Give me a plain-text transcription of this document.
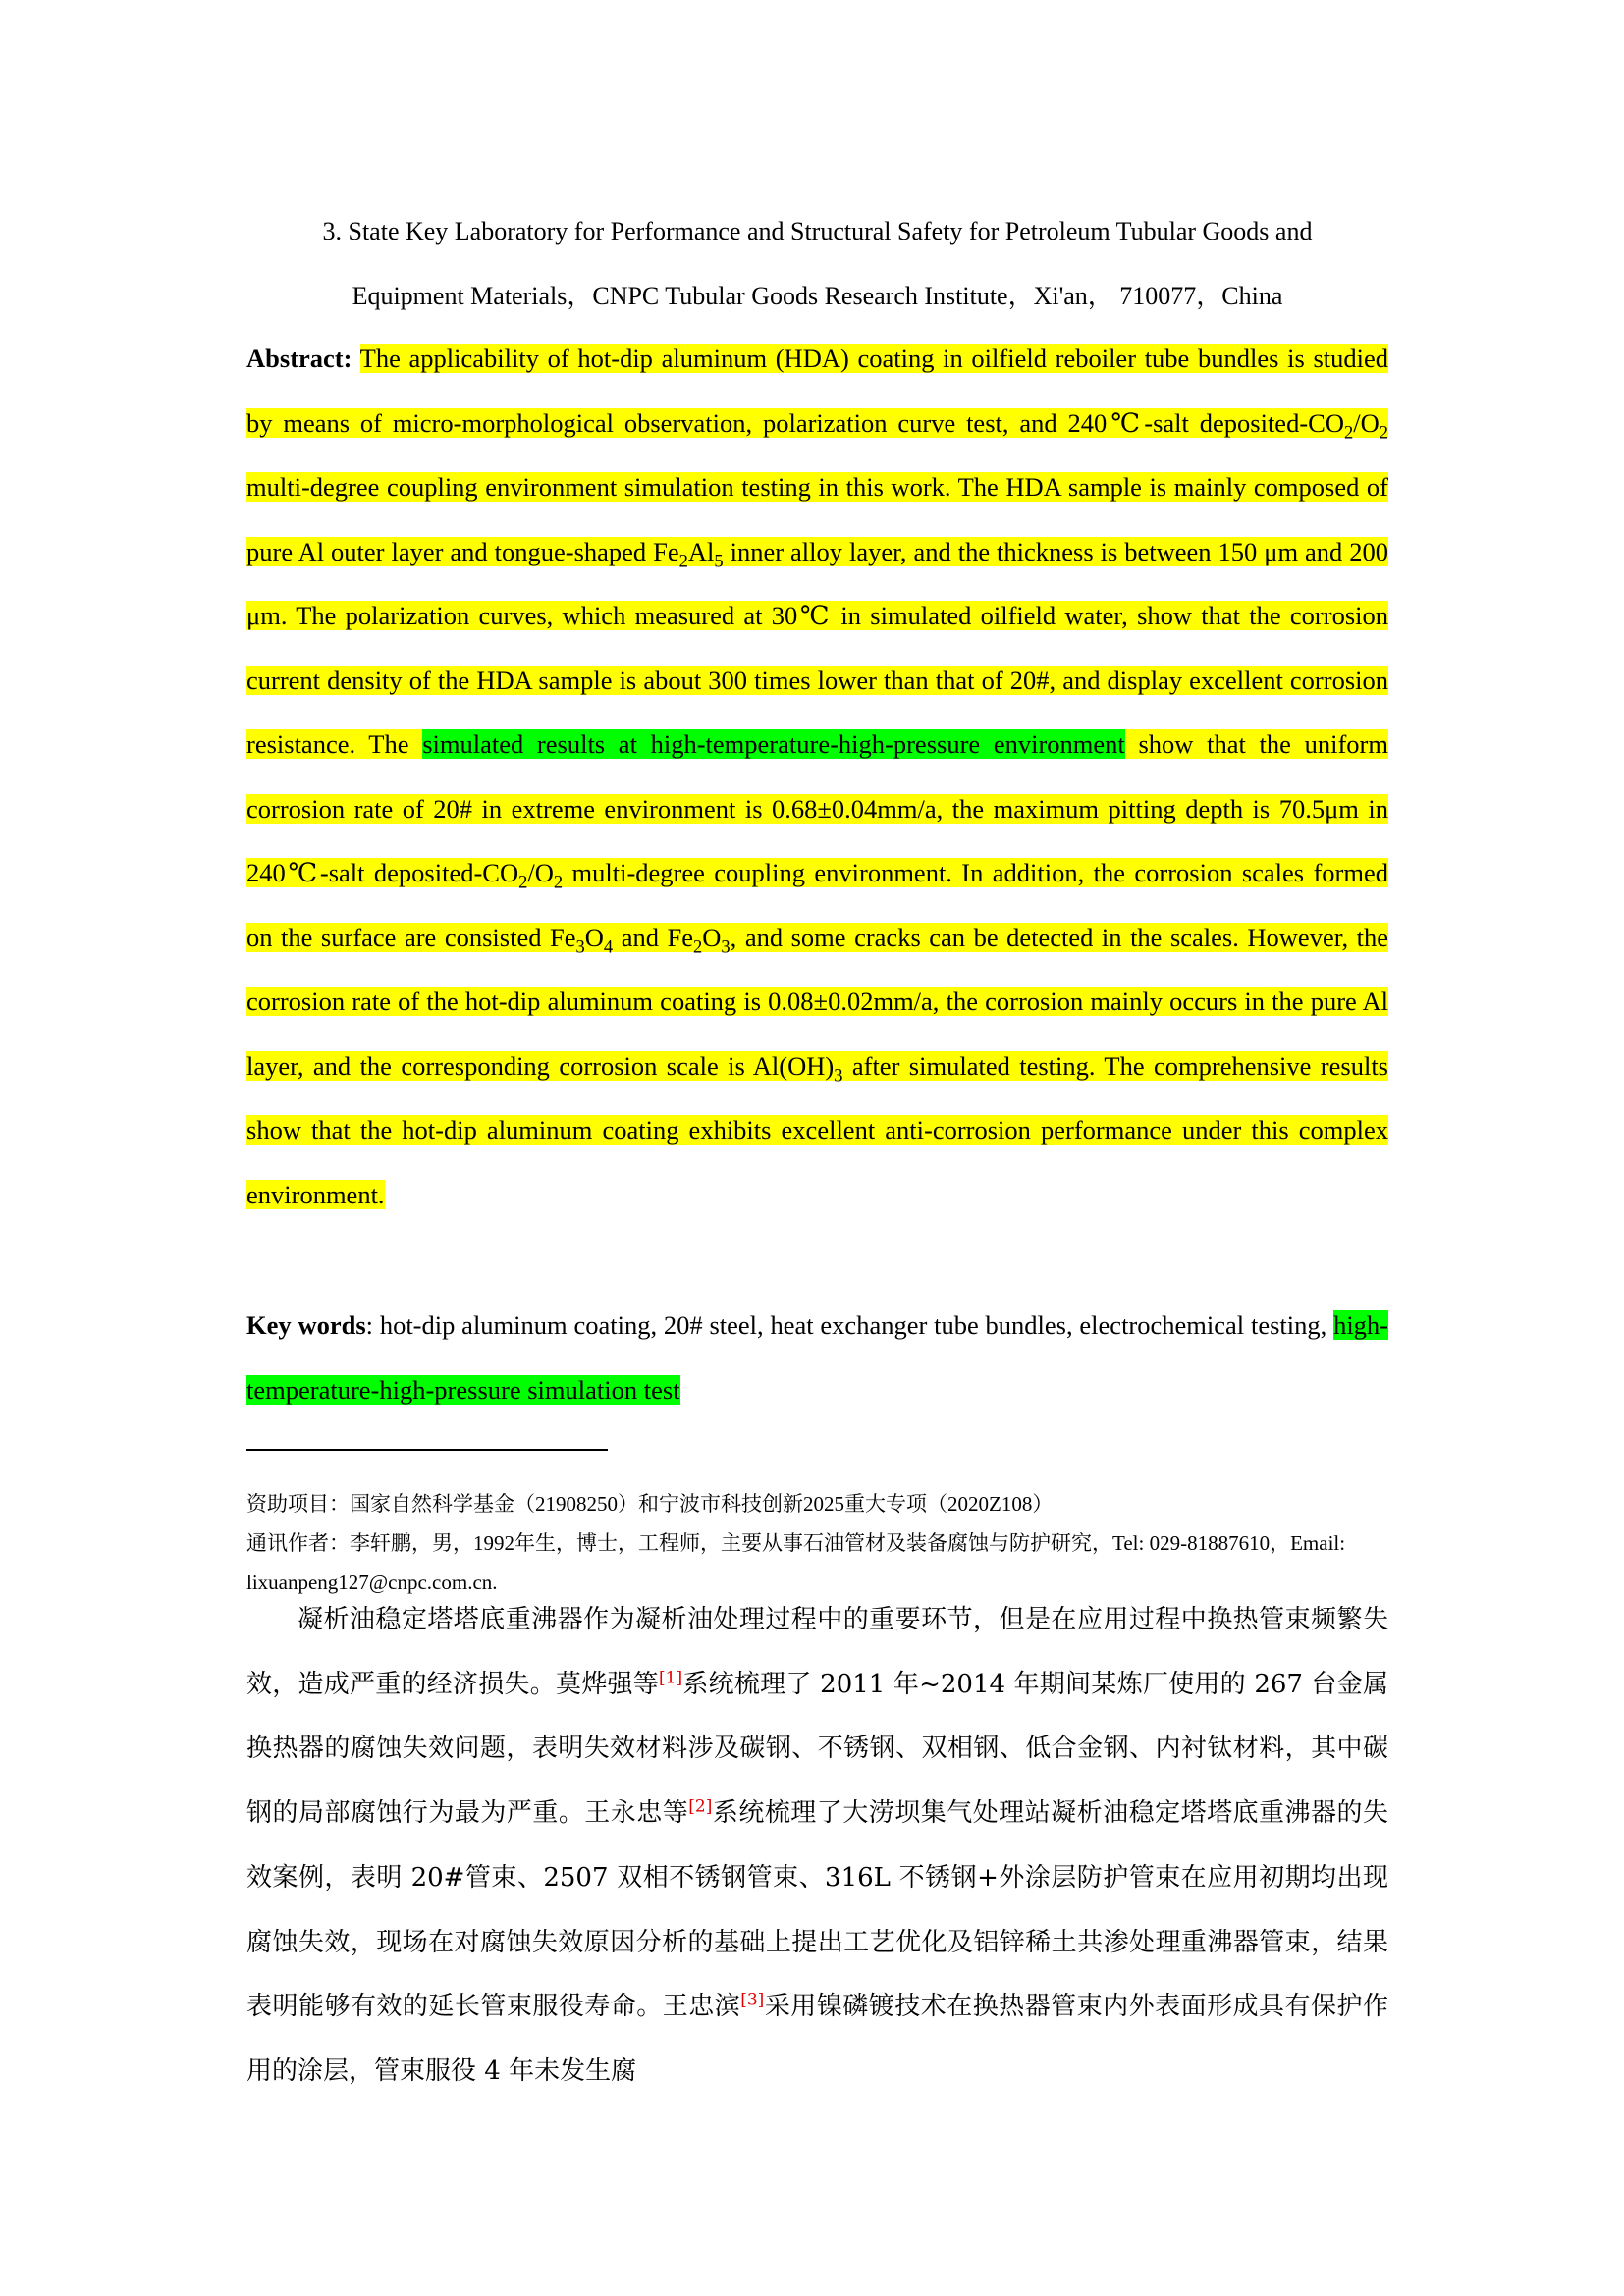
3. State Key Laboratory for Performance and Structural Safety for Petroleum Tubular Goods and
Equipment Materials，CNPC Tubular Goods Research Institute，Xi'an， 710077，China
Abstract: The applicability of hot-dip aluminum (HDA) coating in oilfield reboiler tube bundles is studied by means of micro-morphological observation, polarization curve test, and 240℃-salt deposited-$CO_2/O_2$ multi-degree coupling environment simulation testing in this work. The HDA sample is mainly composed of pure Al outer layer and tongue-shaped $Fe_2Al_5$ inner alloy layer, and the thickness is between 150 μm and 200 μm. The polarization curves, which measured at 30℃ in simulated oilfield water, show that the corrosion current density of the HDA sample is about 300 times lower than that of 20#, and display excellent corrosion resistance. The simulated results at high-temperature-high-pressure environment show that the uniform corrosion rate of 20# in extreme environment is 0.68±0.04mm/a, the maximum pitting depth is 70.5μm in 240℃-salt deposited-$CO_2/O_2$ multi-degree coupling environment. In addition, the corrosion scales formed on the surface are consisted $Fe_3O_4$ and $Fe_2O_3$, and some cracks can be detected in the scales. However, the corrosion rate of the hot-dip aluminum coating is 0.08±0.02mm/a, the corrosion mainly occurs in the pure Al layer, and the corresponding corrosion scale is $Al(OH)_3$ after simulated testing. The comprehensive results show that the hot-dip aluminum coating exhibits excellent anti-corrosion performance under this complex environment.
Key words: hot-dip aluminum coating, 20# steel, heat exchanger tube bundles, electrochemical testing, high-temperature-high-pressure simulation test

资助项目：国家自然科学基金（21908250）和宁波市科技创新2025重大专项（2020Z108）

通讯作者：李轩鹏，男，1992年生，博士，工程师，主要从事石油管材及装备腐蚀与防护研究，Tel: 029-81887610，Email: lixuanpeng127@cnpc.com.cn.

凝析油稳定塔塔底重沸器作为凝析油处理过程中的重要环节，但是在应用过程中换热管束频繁失效，造成严重的经济损失。莫烨强等[1]系统梳理了 2011 年~2014 年期间某炼厂使用的 267 台金属换热器的腐蚀失效问题，表明失效材料涉及碳钢、不锈钢、双相钢、低合金钢、内衬钛材料，其中碳钢的局部腐蚀行为最为严重。王永忠等[2]系统梳理了大涝坝集气处理站凝析油稳定塔塔底重沸器的失效案例，表明 20#管束、2507 双相不锈钢管束、316L 不锈钢+外涂层防护管束在应用初期均出现腐蚀失效，现场在对腐蚀失效原因分析的基础上提出工艺优化及铝锌稀土共渗处理重沸器管束，结果表明能够有效的延长管束服役寿命。王忠滨[3]采用镍磷镀技术在换热器管束内外表面形成具有保护作用的涂层，管束服役 4 年未发生腐
